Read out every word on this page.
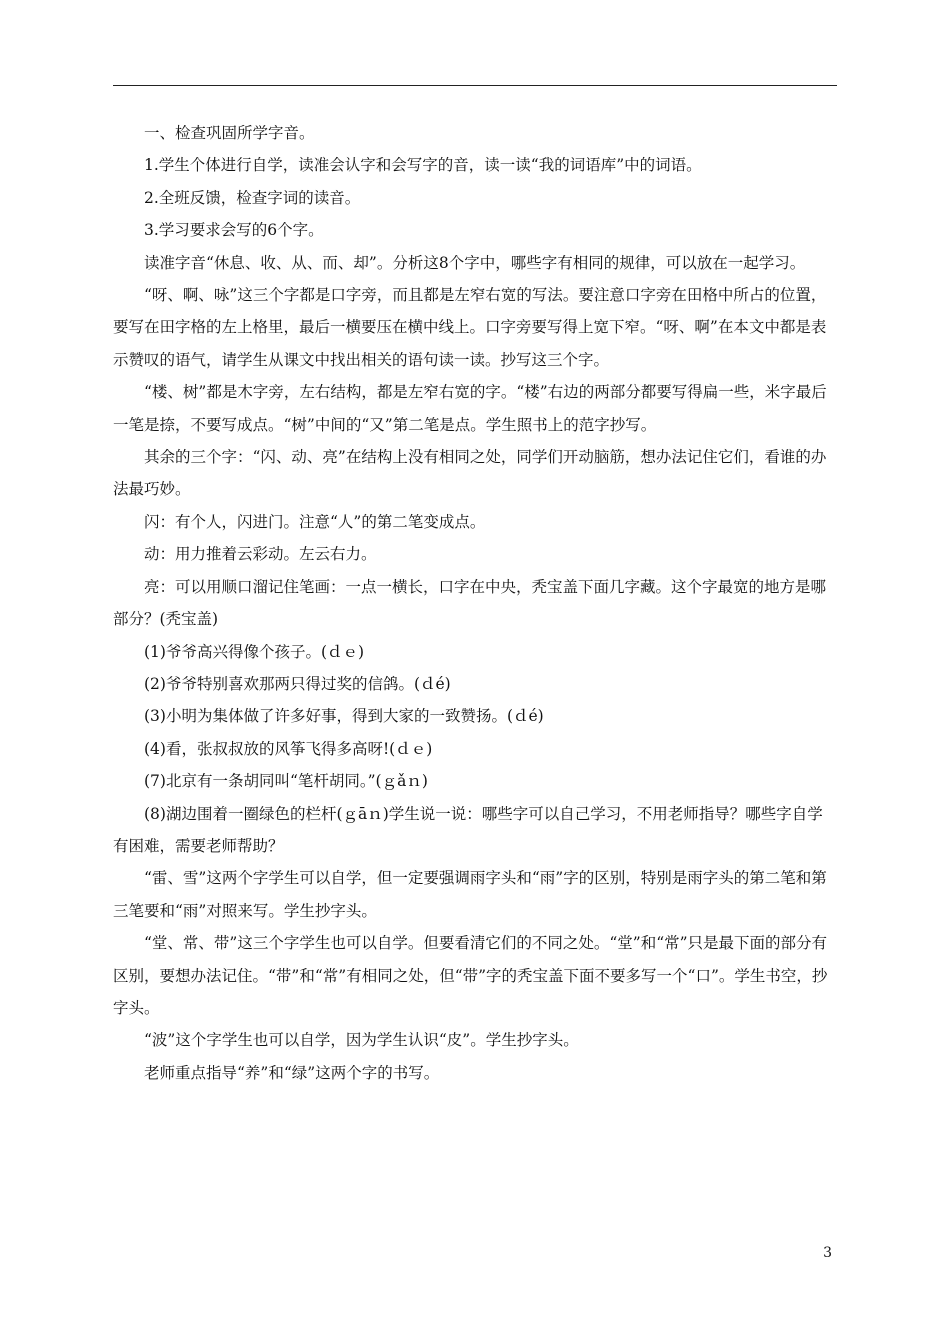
一、检查巩固所学字音。

1.学生个体进行自学，读准会认字和会写字的音，读一读“我的词语库”中的词语。

2.全班反馈，检查字词的读音。

3.学习要求会写的6个字。

读准字音“休息、收、从、而、却”。分析这8个字中，哪些字有相同的规律，可以放在一起学习。

“呀、啊、咏”这三个字都是口字旁，而且都是左窄右宽的写法。要注意口字旁在田格中所占的位置，要写在田字格的左上格里，最后一横要压在横中线上。口字旁要写得上宽下窄。“呀、啊”在本文中都是表示赞叹的语气，请学生从课文中找出相关的语句读一读。抄写这三个字。

“楼、树”都是木字旁，左右结构，都是左窄右宽的字。“楼”右边的两部分都要写得扁一些，米字最后一笔是捺，不要写成点。“树”中间的“又”第二笔是点。学生照书上的范字抄写。

其余的三个字：“闪、动、亮”在结构上没有相同之处，同学们开动脑筋，想办法记住它们，看谁的办法最巧妙。

闪：有个人，闪进门。注意“人”的第二笔变成点。

动：用力推着云彩动。左云右力。

亮：可以用顺口溜记住笔画：一点一横长，口字在中央，秃宝盖下面几字藏。这个字最宽的地方是哪部分？(秃宝盖)

(1)爷爷高兴得像个孩子。(ｄｅ)

(2)爷爷特别喜欢那两只得过奖的信鸽。(ｄé)

(3)小明为集体做了许多好事，得到大家的一致赞扬。(ｄé)

(4)看，张叔叔放的风筝飞得多高呀!(ｄｅ)

(7)北京有一条胡同叫“笔杆胡同。”(ｇǎｎ)

(8)湖边围着一圈绿色的栏杆(ｇāｎ)学生说一说：哪些字可以自己学习，不用老师指导？哪些字自学有困难，需要老师帮助？

“雷、雪”这两个字学生可以自学，但一定要强调雨字头和“雨”字的区别，特别是雨字头的第二笔和第三笔要和“雨”对照来写。学生抄字头。

“堂、常、带”这三个字学生也可以自学。但要看清它们的不同之处。“堂”和“常”只是最下面的部分有区别，要想办法记住。“带”和“常”有相同之处，但“带”字的秃宝盖下面不要多写一个“口”。学生书空，抄字头。

“波”这个字学生也可以自学，因为学生认识“皮”。学生抄字头。

老师重点指导“养”和“绿”这两个字的书写。

3
